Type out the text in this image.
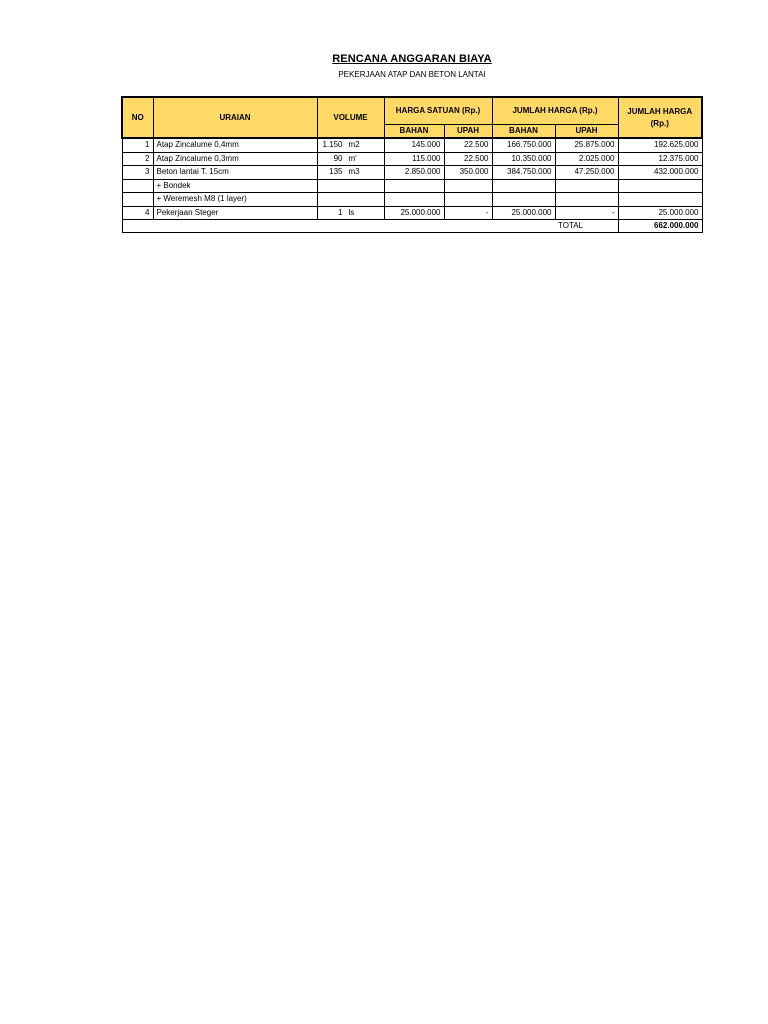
RENCANA ANGGARAN BIAYA
PEKERJAAN ATAP DAN BETON LANTAI
NO	URAIAN	VOLUME	HARGA SATUAN (Rp.)		JUMLAH HARGA (Rp.)		JUMLAH HARGA (Rp.)
			BAHAN	UPAH	BAHAN	UPAH	
1	Atap Zincalume 0,4mm	1.150 m2	145.000	22.500	166.750.000	25.875.000	192.625.000
2	Atap Zincalume 0,3mm	90 m'	115.000	22.500	10.350.000	2.025.000	12.375.000
3	Beton lantai T. 15cm	135 m3	2.850.000	350.000	384.750.000	47.250.000	432.000.000
	+ Bondek						
	+ Weremesh M8 (1 layer)						
4	Pekerjaan Steger	1 ls	25.000.000	-	25.000.000	-	25.000.000
						TOTAL	662.000.000
